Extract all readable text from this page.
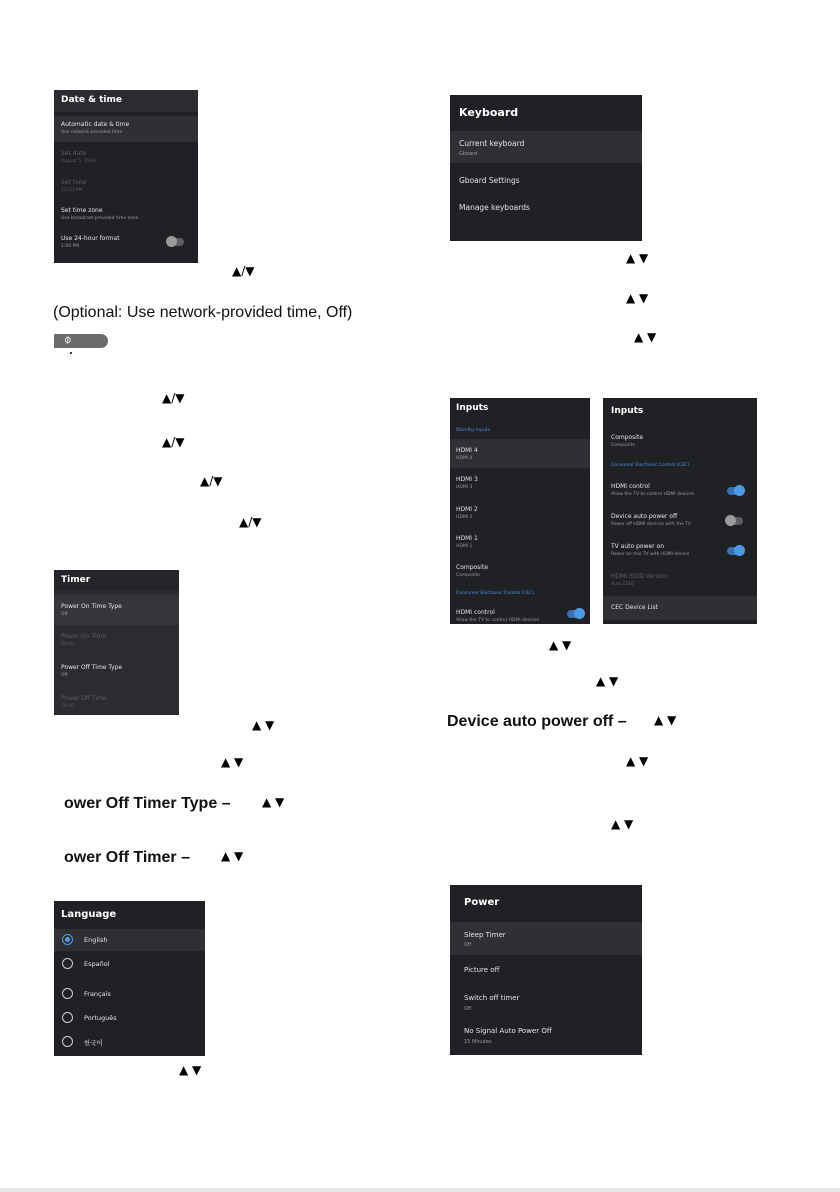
Date & time
Automatic date & time
Use network-provided time
Set date
August 5, 2019
Set time
11:10 AM
Set time zone
Use broadcast-provided time zone
Use 24-hour format
1:00 PM
▲/▼
(Optional: Use network-provided time, Off)
⌀
▲/▼
▲/▼
▲/▼
▲/▼
Timer
Power On Time Type
Off
Power On Time
00:00
Power Off Time Type
Off
Power Off Time
00:00
▲ ▼
▲ ▼
ower Off Timer Type –	▲ ▼
ower Off Timer –	▲ ▼
Language
English
Español
Français
Português
한국어
▲ ▼
Keyboard
Current keyboard
Gboard
Gboard Settings
Manage keyboards
▲ ▼
▲ ▼
▲ ▼
Inputs
Standby Inputs
HDMI 4
HDMI 4
HDMI 3
HDMI 3
HDMI 2
HDMI 2
HDMI 1
HDMI 1
Composite
Composite
Consumer Electronic Control (CEC)
HDMI control
Allow the TV to control HDMI devices
Inputs
Composite
Composite
Consumer Electronic Control (CEC)
HDMI control
Allow the TV to control HDMI devices
Device auto power off
Power off HDMI devices with the TV
TV auto power on
Power on this TV with HDMI device
HDMI EDID Version
Auto EDID
CEC Device List
▲ ▼
▲ ▼
Device auto power off – ▲ ▼
▲ ▼
▲ ▼
Power
Sleep Timer
Off
Picture off
Switch off timer
Off
No Signal Auto Power Off
15 Minutes
